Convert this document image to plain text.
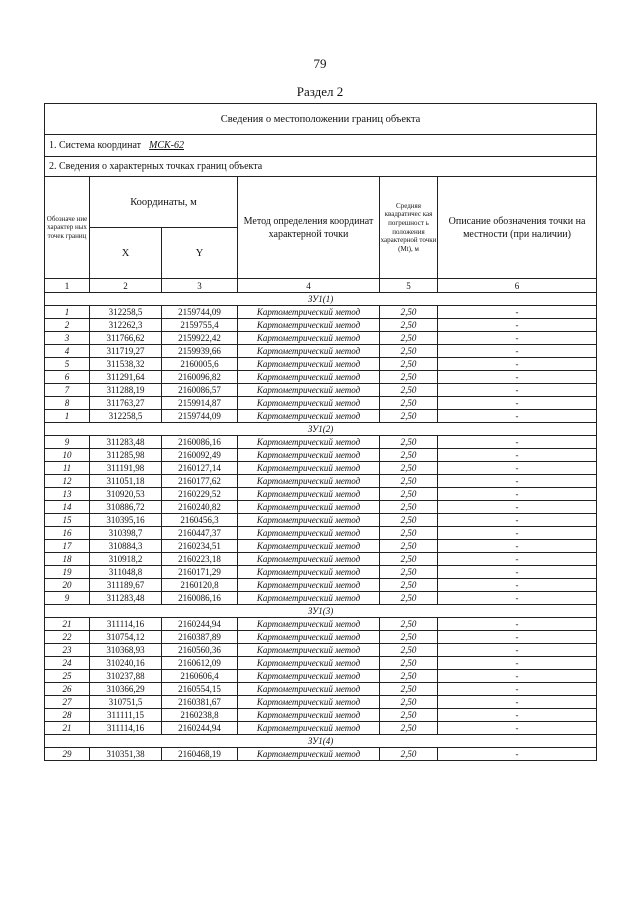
79
Раздел 2
Сведения о местоположении границ объекта					
1. Система координат МСК-62					
2. Сведения о характерных точках границ объекта					
Обозначе ние характер ных точек границ	Координаты, м		Метод определения координат характерной точки	Средняя квадратичес кая погрешност ь положения характерной точки (Mt), м	Описание обозначения точки на местности (при наличии)
	X	Y			
1	2	3	4	5	6
ЗУ1(1)					
1	312258,5	2159744,09	Картометрический метод	2,50	-
2	312262,3	2159755,4	Картометрический метод	2,50	-
3	311766,62	2159922,42	Картометрический метод	2,50	-
4	311719,27	2159939,66	Картометрический метод	2,50	-
5	311538,32	2160005,6	Картометрический метод	2,50	-
6	311291,64	2160096,82	Картометрический метод	2,50	-
7	311288,19	2160086,57	Картометрический метод	2,50	-
8	311763,27	2159914,87	Картометрический метод	2,50	-
1	312258,5	2159744,09	Картометрический метод	2,50	-
ЗУ1(2)					
9	311283,48	2160086,16	Картометрический метод	2,50	-
10	311285,98	2160092,49	Картометрический метод	2,50	-
11	311191,98	2160127,14	Картометрический метод	2,50	-
12	311051,18	2160177,62	Картометрический метод	2,50	-
13	310920,53	2160229,52	Картометрический метод	2,50	-
14	310886,72	2160240,82	Картометрический метод	2,50	-
15	310395,16	2160456,3	Картометрический метод	2,50	-
16	310398,7	2160447,37	Картометрический метод	2,50	-
17	310884,3	2160234,51	Картометрический метод	2,50	-
18	310918,2	2160223,18	Картометрический метод	2,50	-
19	311048,8	2160171,29	Картометрический метод	2,50	-
20	311189,67	2160120,8	Картометрический метод	2,50	-
9	311283,48	2160086,16	Картометрический метод	2,50	-
ЗУ1(3)					
21	311114,16	2160244,94	Картометрический метод	2,50	-
22	310754,12	2160387,89	Картометрический метод	2,50	-
23	310368,93	2160560,36	Картометрический метод	2,50	-
24	310240,16	2160612,09	Картометрический метод	2,50	-
25	310237,88	2160606,4	Картометрический метод	2,50	-
26	310366,29	2160554,15	Картометрический метод	2,50	-
27	310751,5	2160381,67	Картометрический метод	2,50	-
28	311111,15	2160238,8	Картометрический метод	2,50	-
21	311114,16	2160244,94	Картометрический метод	2,50	-
ЗУ1(4)					
29	310351,38	2160468,19	Картометрический метод	2,50	-
